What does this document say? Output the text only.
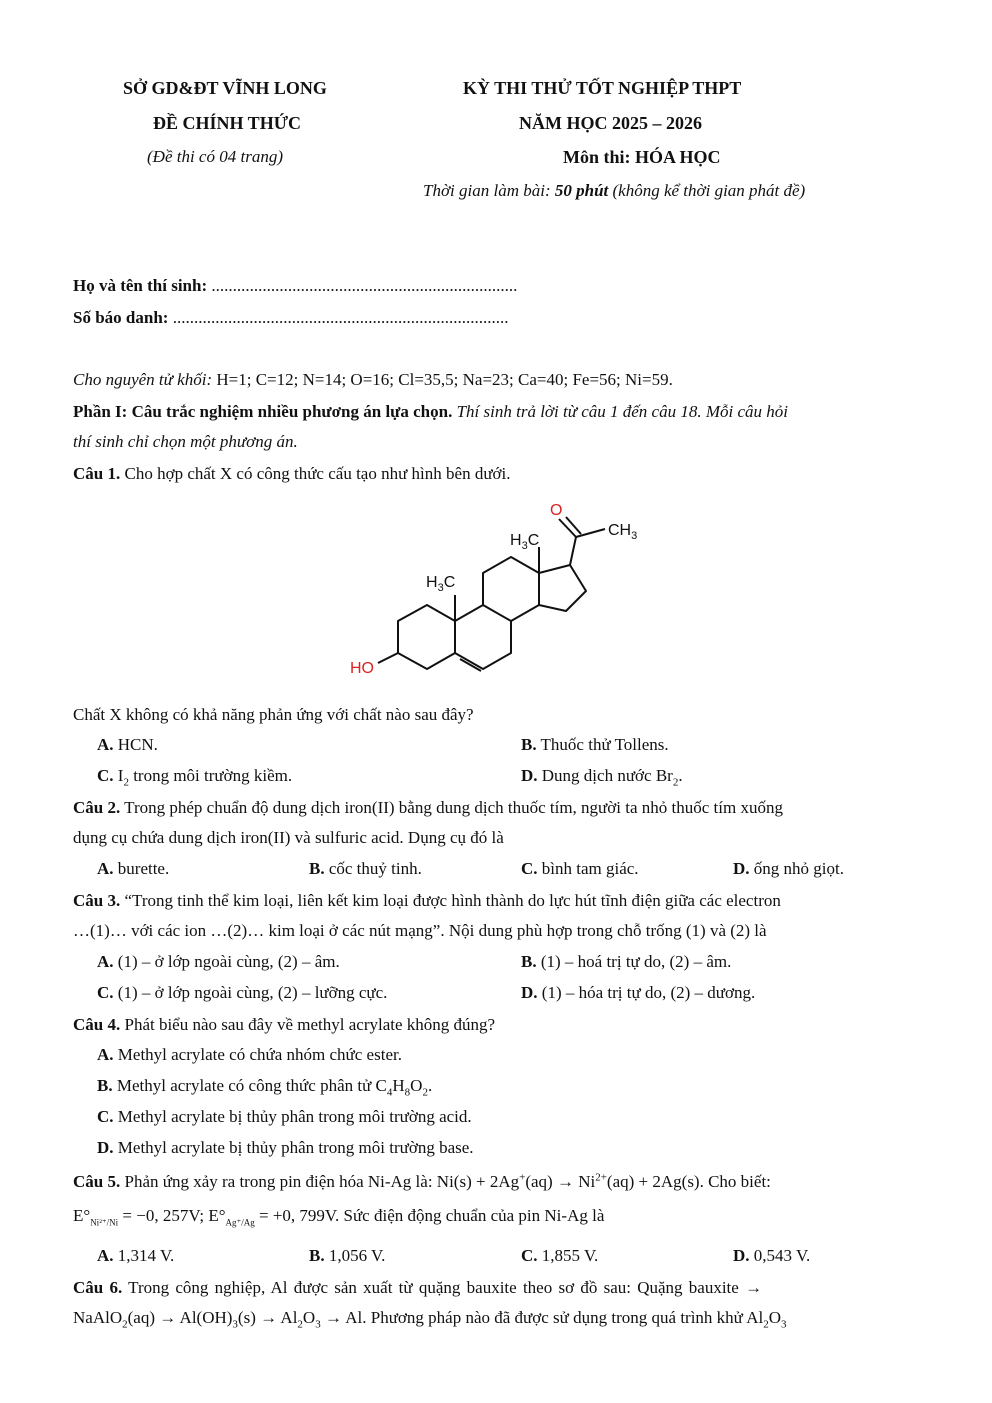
SỞ GD&ĐT VĨNH LONG
ĐỀ CHÍNH THỨC
(Đề thi có 04 trang)
KỲ THI THỬ TỐT NGHIỆP THPT
NĂM HỌC 2025 – 2026
Môn thi: HÓA HỌC
Thời gian làm bài: 50 phút (không kể thời gian phát đề)
Họ và tên thí sinh: ........................................................................
Số báo danh: ...............................................................................
Cho nguyên tử khối: H=1; C=12; N=14; O=16; Cl=35,5; Na=23; Ca=40; Fe=56; Ni=59.
Phần I: Câu trắc nghiệm nhiều phương án lựa chọn. Thí sinh trả lời từ câu 1 đến câu 18. Mỗi câu hỏi
thí sinh chỉ chọn một phương án.
Câu 1. Cho hợp chất X có công thức cấu tạo như hình bên dưới.
O
$CH_3$
$H_3C$
$H_3C$
HO
Chất X không có khả năng phản ứng với chất nào sau đây?
A. HCN.	B. Thuốc thử Tollens.
C. $I_2$ trong môi trường kiềm.	D. Dung dịch nước $Br_2$.
Câu 2. Trong phép chuẩn độ dung dịch iron(II) bằng dung dịch thuốc tím, người ta nhỏ thuốc tím xuống
dụng cụ chứa dung dịch iron(II) và sulfuric acid. Dụng cụ đó là
A. burette.	B. cốc thuỷ tinh.	C. bình tam giác.	D. ống nhỏ giọt.
Câu 3. “Trong tinh thể kim loại, liên kết kim loại được hình thành do lực hút tĩnh điện giữa các electron
…(1)… với các ion …(2)… kim loại ở các nút mạng”. Nội dung phù hợp trong chỗ trống (1) và (2) là
A. (1) – ở lớp ngoài cùng, (2) – âm.	B. (1) – hoá trị tự do, (2) – âm.
C. (1) – ở lớp ngoài cùng, (2) – lưỡng cực.	D. (1) – hóa trị tự do, (2) – dương.
Câu 4. Phát biểu nào sau đây về methyl acrylate không đúng?
A. Methyl acrylate có chứa nhóm chức ester.
B. Methyl acrylate có công thức phân tử $C_4H_8O_2$.
C. Methyl acrylate bị thủy phân trong môi trường acid.
D. Methyl acrylate bị thủy phân trong môi trường base.
Câu 5. Phản ứng xảy ra trong pin điện hóa Ni-Ag là: $Ni(s) + 2Ag^+(aq) \to Ni^{2+}(aq) + 2Ag(s)$. Cho biết:
$E^\circ_{Ni^{2+}/Ni} = -0$, 257V; $E^\circ_{Ag^+/Ag} = +0$, 799V. Sức điện động chuẩn của pin Ni-Ag là
A. 1,314 V.	B. 1,056 V.	C. 1,855 V.	D. 0,543 V.
Câu 6. Trong công nghiệp, Al được sản xuất từ quặng bauxite theo sơ đồ sau: Quặng bauxite →
NaAlO$_2$(aq) → $Al(OH)_3(s) \to Al_2O_3 \to Al$. Phương pháp nào đã được sử dụng trong quá trình khử $Al_2O_3$
